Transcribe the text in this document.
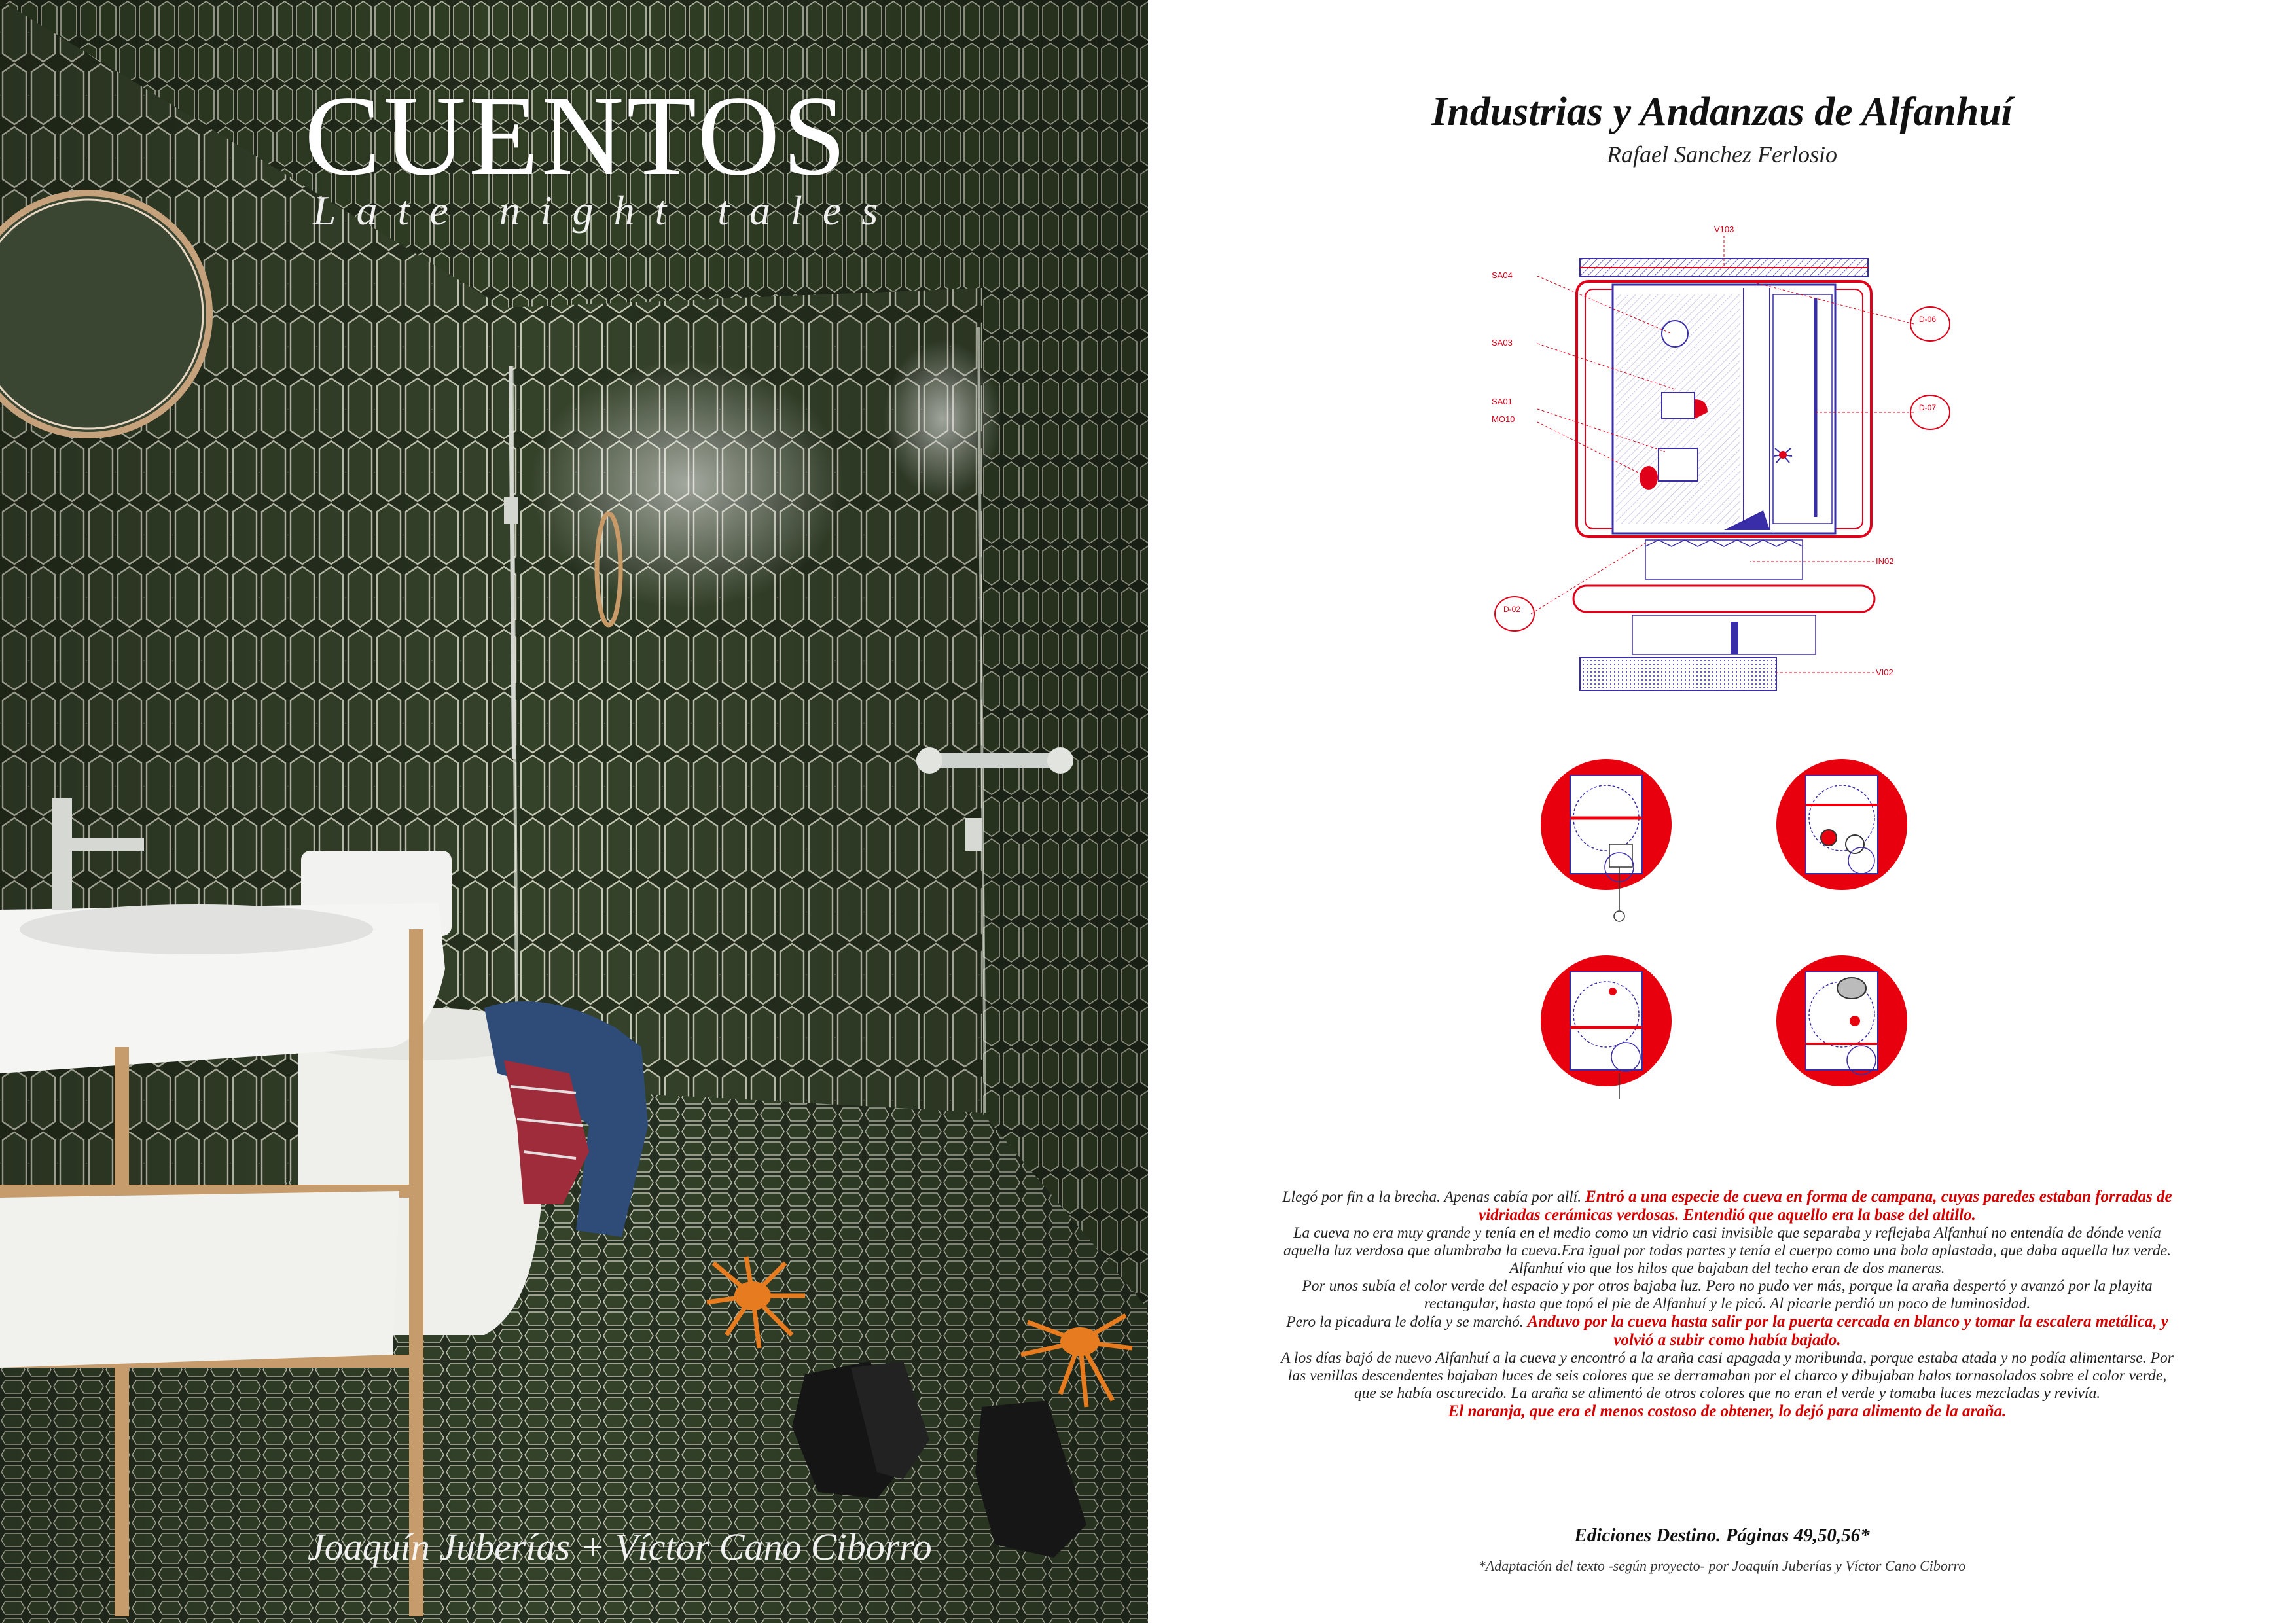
CUENTOS
Late night tales
Joaquín Juberías + Víctor Cano Ciborro
Industrias y Andanzas de Alfanhuí
Rafael Sanchez Ferlosio
V103
SA04
SA03
SA01
MO10
IN02
VI02
D-06
D-07
D-02

Llegó por fin a la brecha. Apenas cabía por allí. Entró a una especie de cueva en forma de campana, cuyas paredes estaban forradas de vidriadas cerámicas verdosas. Entendió que aquello era la base del altillo.

La cueva no era muy grande y tenía en el medio como un vidrio casi invisible que separaba y reflejaba Alfanhuí no entendía de dónde venía aquella luz verdosa que alumbraba la cueva.Era igual por todas partes y tenía el cuerpo como una bola aplastada, que daba aquella luz verde. Alfanhuí vio que los hilos que bajaban del techo eran de dos maneras.

Por unos subía el color verde del espacio y por otros bajaba luz. Pero no pudo ver más, porque la araña despertó y avanzó por la playita rectangular, hasta que topó el pie de Alfanhuí y le picó. Al picarle perdió un poco de luminosidad.

Pero la picadura le dolía y se marchó. Anduvo por la cueva hasta salir por la puerta cercada en blanco y tomar la escalera metálica, y volvió a subir como había bajado.

A los días bajó de nuevo Alfanhuí a la cueva y encontró a la araña casi apagada y moribunda, porque estaba atada y no podía alimentarse. Por las venillas descendentes bajaban luces de seis colores que se derramaban por el charco y dibujaban halos tornasolados sobre el color verde, que se había oscurecido. La araña se alimentó de otros colores que no eran el verde y tomaba luces mezcladas y revivía.

El naranja, que era el menos costoso de obtener, lo dejó para alimento de la araña.

Ediciones Destino. Páginas 49,50,56*
*Adaptación del texto -según proyecto- por Joaquín Juberías y Víctor Cano Ciborro
